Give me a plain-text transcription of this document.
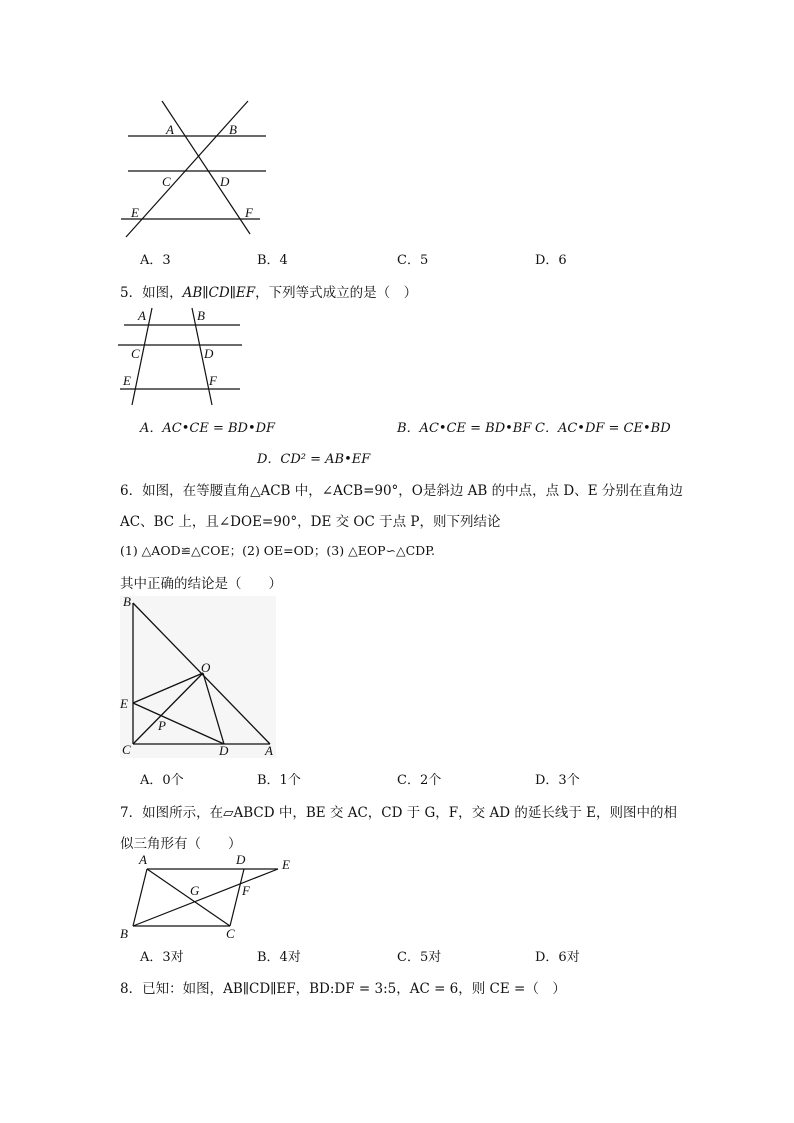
A	B
C	D
E	F
A．3	B．4	C．5	D．6
5．如图，AB∥CD∥EF，下列等式成立的是（　）
A	B
C	D
E	F
A．AC•CE = BD•DF	B．AC•CE = BD•BF C．AC•DF = CE•BD
D．CD² = AB•EF
6．如图，在等腰直角△ACB 中，∠ACB=90°，O是斜边 AB 的中点，点 D、E 分别在直角边
AC、BC 上，且∠DOE=90°，DE 交 OC 于点 P，则下列结论
(1) △AOD≌△COE；(2) OE=OD；(3) △EOP∽△CDP.
其中正确的结论是（　　）
B
O
E
P
C	D	A
A．0个	B．1个	C．2个	D．3个
7．如图所示，在▱ABCD 中，BE 交 AC，CD 于 G，F，交 AD 的延长线于 E，则图中的相
似三角形有（　　）
A	D	E
G	F
B	C
A．3对	B．4对	C．5对	D．6对
8．已知：如图，AB∥CD∥EF，BD:DF = 3:5，AC = 6，则 CE =（　）
